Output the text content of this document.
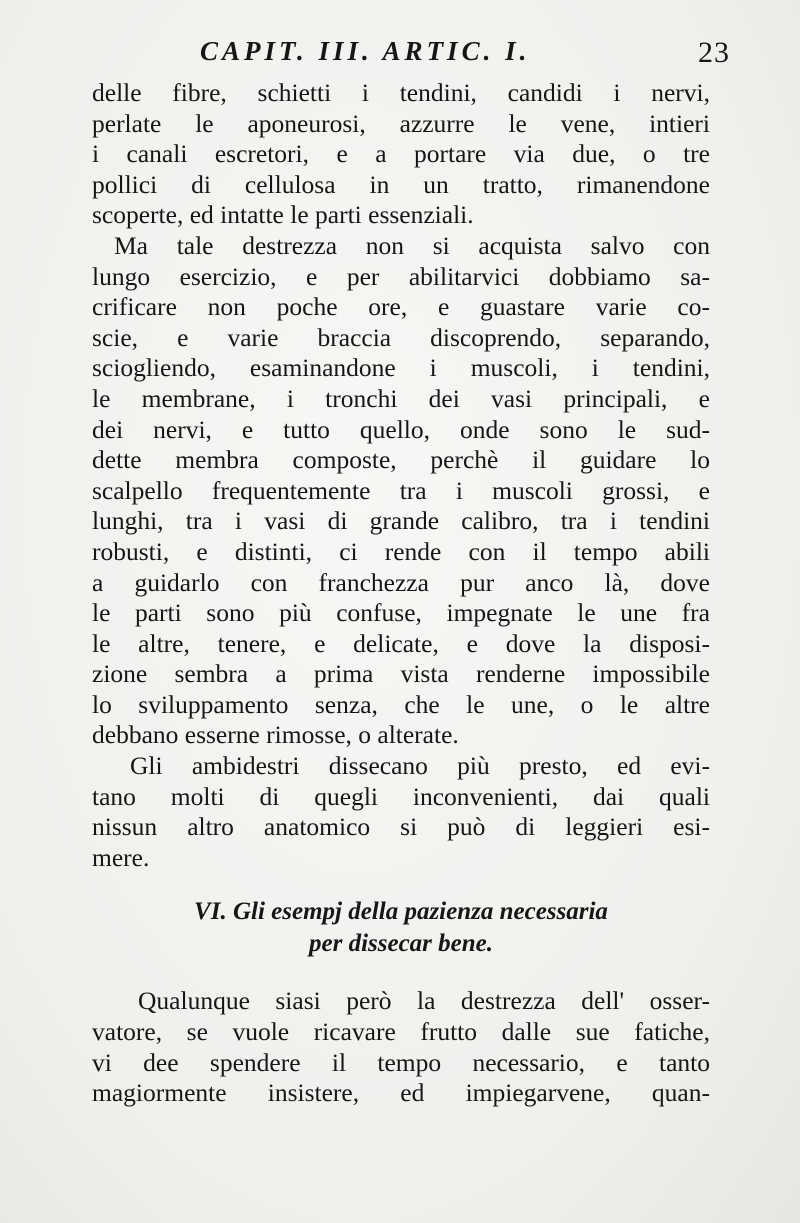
CAPIT. III. ARTIC. I.	23
delle fibre, schietti i tendini, candidi i nervi,
perlate le aponeurosi, azzurre le vene, intieri
i canali escretori, e a portare via due, o tre
pollici di cellulosa in un tratto, rimanendone
scoperte, ed intatte le parti essenziali.
Ma tale destrezza non si acquista salvo con
lungo esercizio, e per abilitarvici dobbiamo sa-
crificare non poche ore, e guastare varie co-
scie, e varie braccia discoprendo, separando,
sciogliendo, esaminandone i muscoli, i tendini,
le membrane, i tronchi dei vasi principali, e
dei nervi, e tutto quello, onde sono le sud-
dette membra composte, perchè il guidare lo
scalpello frequentemente tra i muscoli grossi, e
lunghi, tra i vasi di grande calibro, tra i tendini
robusti, e distinti, ci rende con il tempo abili
a guidarlo con franchezza pur anco là, dove
le parti sono più confuse, impegnate le une fra
le altre, tenere, e delicate, e dove la disposi-
zione sembra a prima vista renderne impossibile
lo sviluppamento senza, che le une, o le altre
debbano esserne rimosse, o alterate.
Gli ambidestri dissecano più presto, ed evi-
tano molti di quegli inconvenienti, dai quali
nissun altro anatomico si può di leggieri esi-
mere.
VI. Gli esempj della pazienza necessaria
per dissecar bene.
Qualunque siasi però la destrezza dell' osser-
vatore, se vuole ricavare frutto dalle sue fatiche,
vi dee spendere il tempo necessario, e tanto
magiormente insistere, ed impiegarvene, quan-
